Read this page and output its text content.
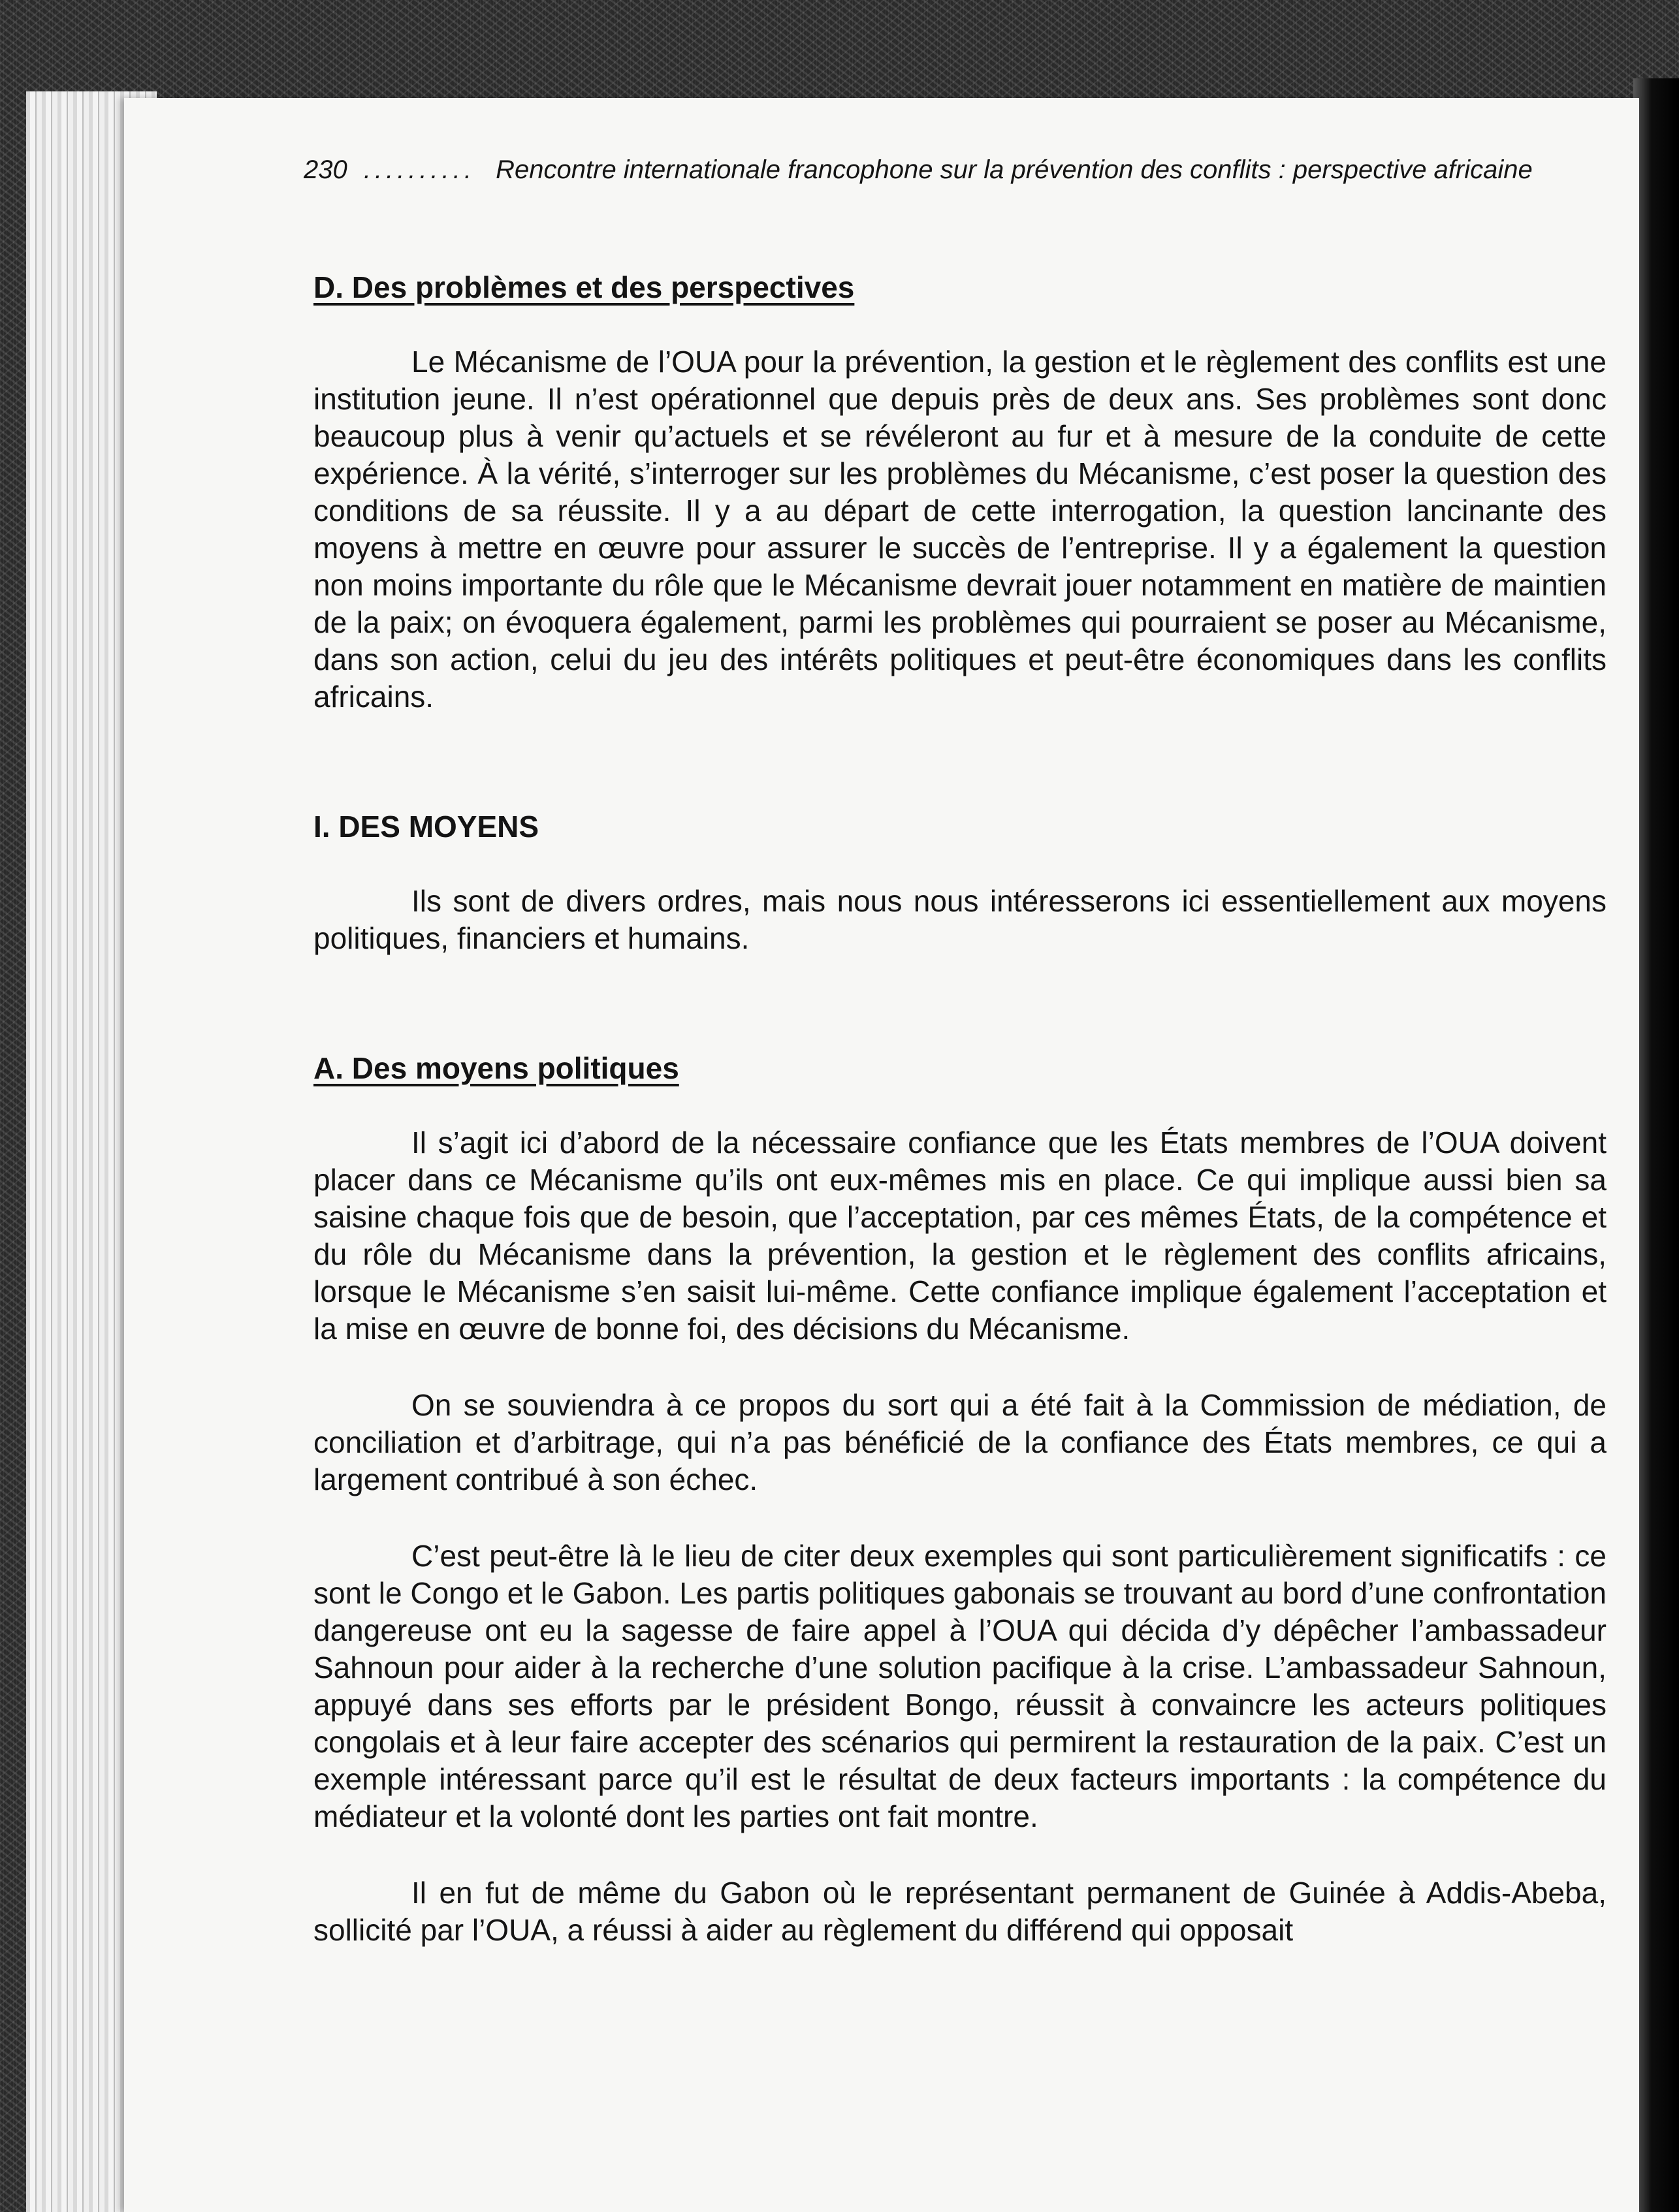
230 .......... Rencontre internationale francophone sur la prévention des conflits : perspective africaine
D. Des problèmes et des perspectives

Le Mécanisme de l’OUA pour la prévention, la gestion et le règlement des conflits est une institution jeune. Il n’est opérationnel que depuis près de deux ans. Ses problèmes sont donc beaucoup plus à venir qu’actuels et se révéleront au fur et à mesure de la conduite de cette expérience. À la vérité, s’interroger sur les problèmes du Mécanisme, c’est poser la question des conditions de sa réussite. Il y a au départ de cette interrogation, la question lancinante des moyens à mettre en œuvre pour assurer le succès de l’entreprise. Il y a également la question non moins importante du rôle que le Mécanisme devrait jouer notamment en matière de maintien de la paix; on évoquera également, parmi les problèmes qui pourraient se poser au Mécanisme, dans son action, celui du jeu des intérêts politiques et peut-être économiques dans les conflits africains.

I. DES MOYENS

Ils sont de divers ordres, mais nous nous intéresserons ici essentiellement aux moyens politiques, financiers et humains.

A. Des moyens politiques

Il s’agit ici d’abord de la nécessaire confiance que les États membres de l’OUA doivent placer dans ce Mécanisme qu’ils ont eux-mêmes mis en place. Ce qui implique aussi bien sa saisine chaque fois que de besoin, que l’acceptation, par ces mêmes États, de la compétence et du rôle du Mécanisme dans la prévention, la gestion et le règlement des conflits africains, lorsque le Mécanisme s’en saisit lui-même. Cette confiance implique également l’acceptation et la mise en œuvre de bonne foi, des décisions du Mécanisme.

On se souviendra à ce propos du sort qui a été fait à la Commission de médiation, de conciliation et d’arbitrage, qui n’a pas bénéficié de la confiance des États membres, ce qui a largement contribué à son échec.

C’est peut-être là le lieu de citer deux exemples qui sont particulièrement significatifs : ce sont le Congo et le Gabon. Les partis politiques gabonais se trouvant au bord d’une confrontation dangereuse ont eu la sagesse de faire appel à l’OUA qui décida d’y dépêcher l’ambassadeur Sahnoun pour aider à la recherche d’une solution pacifique à la crise. L’ambassadeur Sahnoun, appuyé dans ses efforts par le président Bongo, réussit à convaincre les acteurs politiques congolais et à leur faire accepter des scénarios qui permirent la restauration de la paix. C’est un exemple intéressant parce qu’il est le résultat de deux facteurs importants : la compétence du médiateur et la volonté dont les parties ont fait montre.

Il en fut de même du Gabon où le représentant permanent de Guinée à Addis-Abeba, sollicité par l’OUA, a réussi à aider au règlement du différend qui opposait
